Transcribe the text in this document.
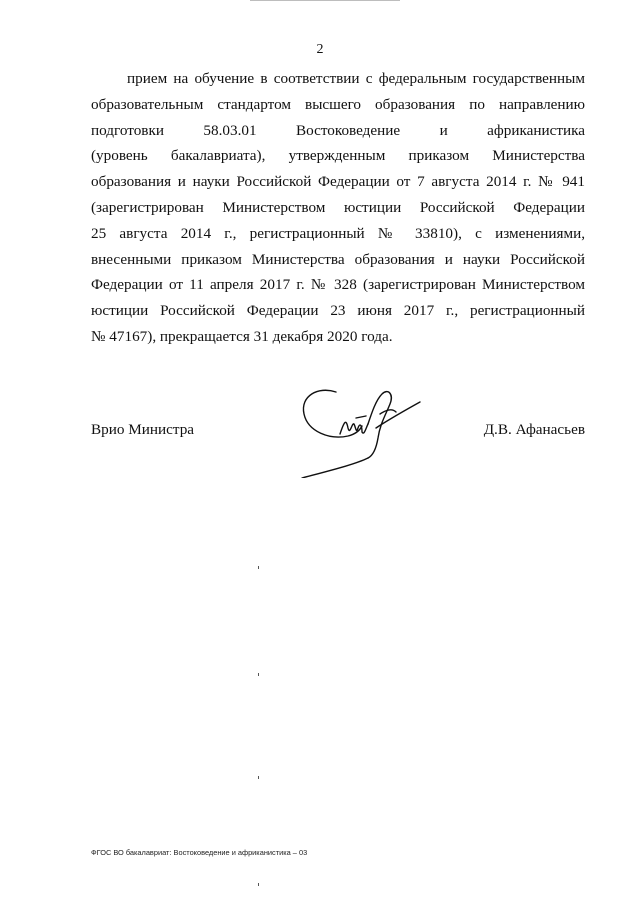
2
прием на обучение в соответствии с федеральным государственным
образовательным стандартом высшего образования по направлению
подготовки 58.03.01 Востоковедение и африканистика
(уровень бакалавриата), утвержденным приказом Министерства
образования и науки Российской Федерации от 7 августа 2014 г. № 941
(зарегистрирован Министерством юстиции Российской Федерации
25 августа 2014 г., регистрационный № 33810), с изменениями,
внесенными приказом Министерства образования и науки Российской
Федерации от 11 апреля 2017 г. № 328 (зарегистрирован Министерством
юстиции Российской Федерации 23 июня 2017 г., регистрационный
№ 47167), прекращается 31 декабря 2020 года.
Врио Министра	Д.В. Афанасьев
ФГОС ВО бакалавриат: Востоковедение и африканистика – 03
